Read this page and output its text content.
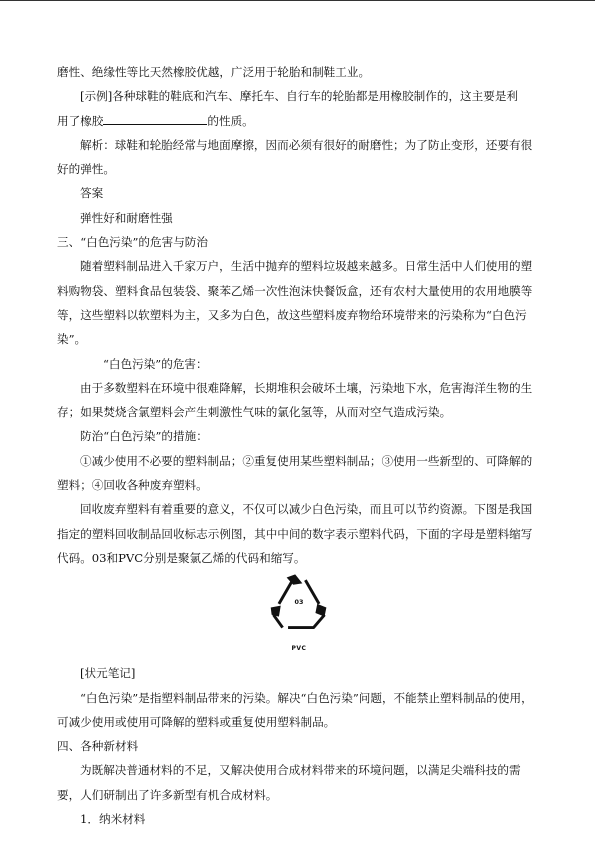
磨性、绝缘性等比天然橡胶优越，广泛用于轮胎和制鞋工业。

[示例]各种球鞋的鞋底和汽车、摩托车、自行车的轮胎都是用橡胶制作的，这主要是利

用了橡胶	的性质。

解析：球鞋和轮胎经常与地面摩擦，因而必须有很好的耐磨性；为了防止变形，还要有很好的弹性。

答案

弹性好和耐磨性强

三、“白色污染”的危害与防治

随着塑料制品进入千家万户，生活中抛弃的塑料垃圾越来越多。日常生活中人们使用的塑料购物袋、塑料食品包装袋、聚苯乙烯一次性泡沫快餐饭盒，还有农村大量使用的农用地膜等等，这些塑料以软塑料为主，又多为白色，故这些塑料废弃物给环境带来的污染称为“白色污染”。

“白色污染”的危害：

由于多数塑料在环境中很难降解，长期堆积会破坏土壤，污染地下水，危害海洋生物的生存；如果焚烧含氯塑料会产生刺激性气味的氯化氢等，从而对空气造成污染。

防治“白色污染”的措施：

①减少使用不必要的塑料制品；②重复使用某些塑料制品；③使用一些新型的、可降解的塑料；④回收各种废弃塑料。

回收废弃塑料有着重要的意义，不仅可以减少白色污染，而且可以节约资源。下图是我国指定的塑料回收制品回收标志示例图，其中中间的数字表示塑料代码，下面的字母是塑料缩写代码。03和PVC分别是聚氯乙烯的代码和缩写。

03
PVC

[状元笔记]

“白色污染”是指塑料制品带来的污染。解决“白色污染”问题，不能禁止塑料制品的使用，可减少使用或使用可降解的塑料或重复使用塑料制品。

四、各种新材料

为既解决普通材料的不足，又解决使用合成材料带来的环境问题，以满足尖端科技的需要，人们研制出了许多新型有机合成材料。

1．纳米材料
